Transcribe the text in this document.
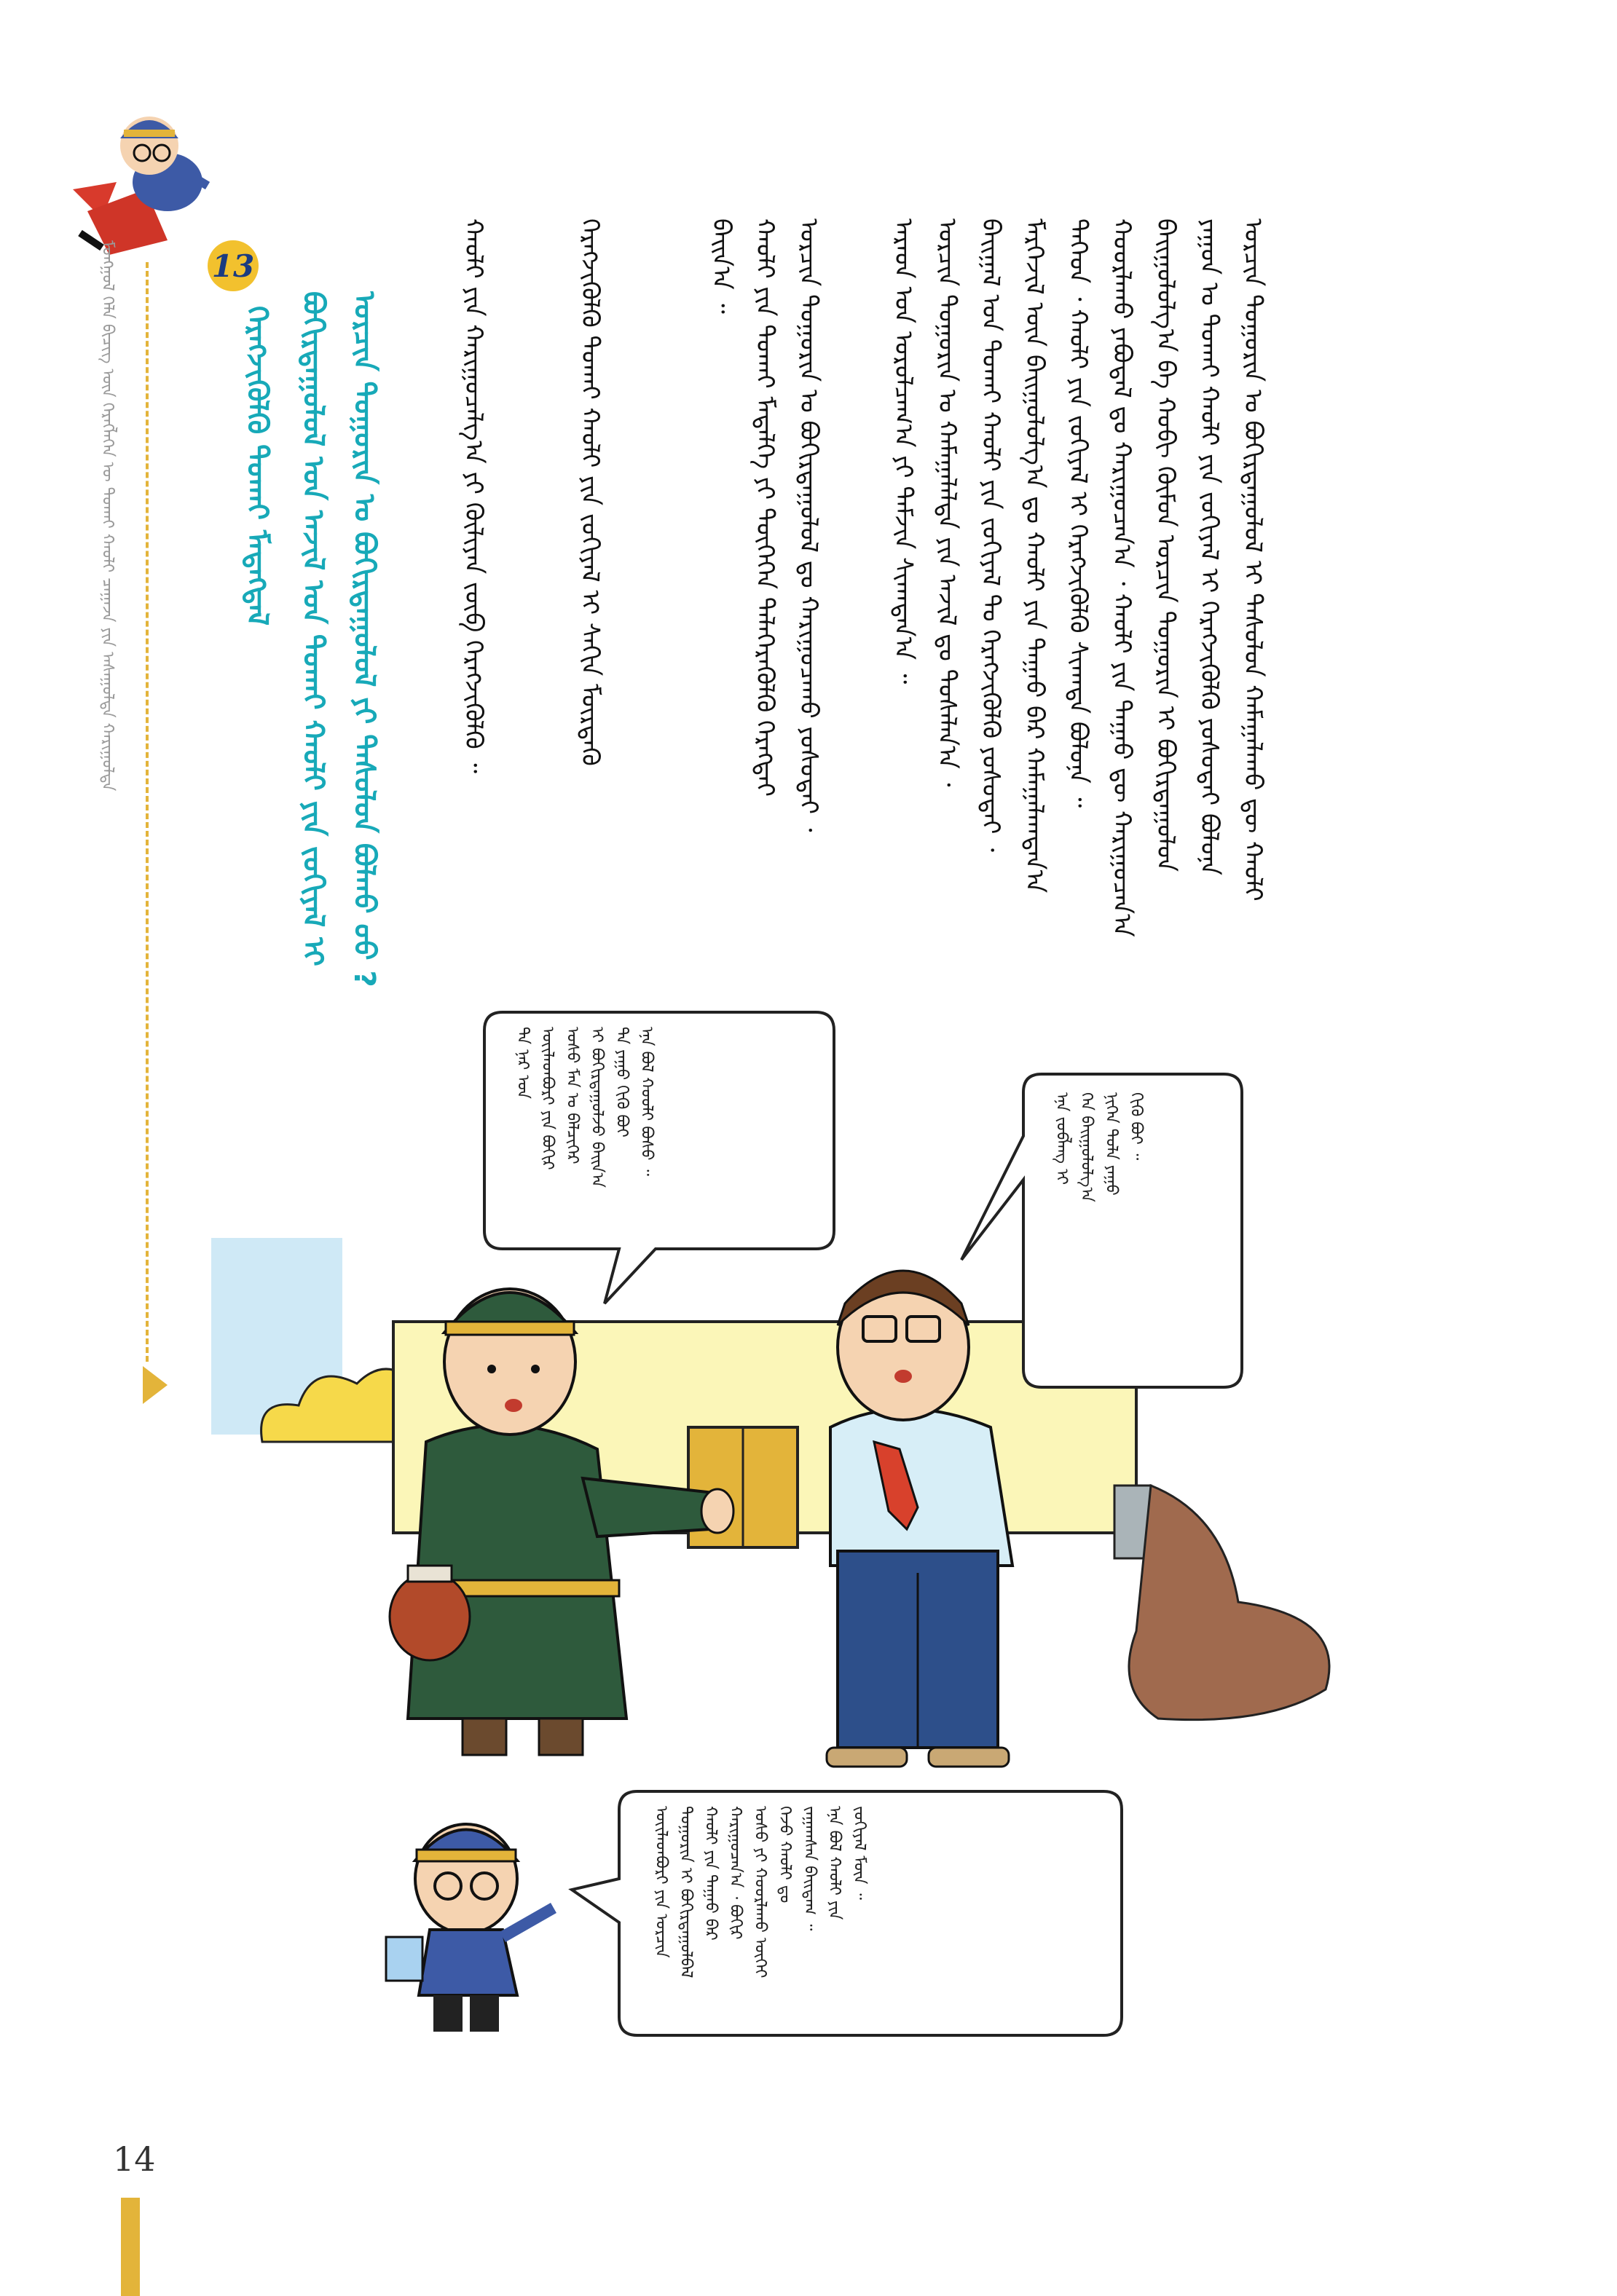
ᠮᠣᠩᠭᠣᠯ ᠬᠡᠯᠡ ᠪᠢᠴᠢᠭ ᠦᠨ ᠬᠡᠷᠡᠭᠯᠡᠭᠡᠨ ᠦ ᠲᠤᠬᠠᠢ ᠬᠠᠤᠯᠢ ᠴᠠᠭᠠᠵᠠ ᠶᠢᠨ ᠠᠰᠠᠭᠤᠯᠲᠠ ᠬᠠᠷᠢᠭᠤᠯᠲᠠ	13
ᠣᠷᠴᠢᠨ ᠲᠣᠭᠣᠷᠢᠨ ᠤ ᠪᠣᠬᠢᠷᠳᠠᠭᠤᠯᠤᠯ ᠶᠢ ᠲᠠᠰᠤᠯᠤᠨ ᠪᠣᠯᠬᠤ ᠤᠤ ?
ᠪᠣᠬᠢᠷᠳᠠᠭᠤᠯᠤᠯ ᠤᠨ ᠠᠵᠢᠯ ᠤᠨ ᠲᠤᠬᠠᠢ ᠬᠠᠤᠯᠢ ᠶᠢᠨ ᠵᠣᠬᠢᠶᠠᠯ ᠢ
ᠬᠡᠷᠡᠭᠵᠢᠭᠦᠯᠬᠦ ᠲᠤᠬᠠᠢ ᠮᠡᠳᠡᠭᠳᠡᠯ	ᠣᠷᠴᠢᠨ ᠲᠣᠭᠣᠷᠢᠨ ᠤ ᠪᠣᠬᠢᠷᠳᠠᠭᠤᠯᠤᠯ ᠢ ᠲᠠᠰᠤᠯᠤᠨ ᠬᠠᠮᠠᠭᠠᠯᠠᠬᠤ ᠳᠦ ᠬᠠᠤᠯᠢ
ᠶᠠᠭᠤᠨ ᠤ ᠲᠤᠬᠠᠢ ᠬᠠᠤᠯᠢ ᠶᠢᠨ ᠵᠣᠬᠢᠶᠠᠯ ᠢ ᠬᠡᠷᠡᠭᠵᠢᠭᠦᠯᠬᠦ ᠶᠣᠰᠣᠲᠠᠢ ᠪᠣᠯᠤᠨᠠ
ᠪᠠᠢᠭᠤᠯᠤᠯᠭ᠎ᠠ ᠪᠠ ᠬᠤᠪᠢ ᠬᠦᠮᠦᠨ ᠤᠷᠴᠢᠨ ᠲᠣᠭᠣᠷᠢᠨ ᠢ ᠪᠣᠬᠢᠷᠳᠠᠭᠤᠯᠤᠨ
ᠬᠣᠣᠷᠯᠠᠬᠤ ᠶᠠᠪᠤᠳᠠᠯ ᠳᠤ ᠬᠠᠷᠢᠭᠤᠴᠠᠨ᠎ᠠ ᠂ ᠬᠠᠤᠯᠢ ᠶᠢᠨ ᠳᠠᠭᠠᠤ ᠳᠦ ᠬᠠᠷᠢᠭᠤᠴᠠᠨ᠎ᠠ
ᠲᠡᠭᠡᠳ ᠂ ᠬᠠᠤᠯᠢ ᠶᠢᠨ ᠵᠣᠬᠢᠶᠠᠯ ᠢ ᠬᠡᠷᠡᠭᠵᠢᠭᠦᠯᠬᠦ ᠰᠢᠬᠠᠳᠠ ᠪᠣᠯᠤᠨᠠ ᠃
ᠮᠡᠷᠭᠡᠵᠢᠯ ᠦᠨ ᠪᠠᠢᠭᠤᠯᠤᠯᠭ᠎ᠠ ᠳᠤ ᠬᠠᠤᠯᠢ ᠶᠢᠨ ᠳᠠᠭᠠᠤ ᠪᠠᠷ ᠬᠠᠮᠠᠭᠠᠯᠠᠭᠳᠠᠨ᠎ᠠ
ᠪᠠᠢᠭᠠᠯ ᠤᠨ ᠲᠤᠬᠠᠢ ᠬᠠᠤᠯᠢ ᠶᠢᠨ ᠵᠣᠬᠢᠶᠠᠯ ᠲᠤ ᠭᠡᠷᠡᠭᠵᠢᠭᠦᠯᠬᠦ ᠶᠣᠰᠣᠲᠠᠢ ᠂
ᠣᠷᠴᠢᠨ ᠲᠣᠭᠣᠷᠢᠨ ᠤ ᠬᠠᠮᠠᠭᠠᠯᠠᠯᠲᠠ ᠶᠢᠨ ᠠᠵᠢᠯ ᠳᠤ ᠲᠤᠰᠠᠯᠠᠨ᠎ᠠ ᠂
ᠠᠷᠠᠳ ᠤᠨ ᠣᠷᠤᠯᠴᠠᠭ᠎ᠠ ᠶᠢ ᠳᠡᠮᠵᠢᠨ ᠰᠢᠬᠠᠳᠠᠨ᠎ᠠ ᠃
ᠣᠷᠴᠢᠨ ᠲᠣᠭᠣᠷᠢᠨ ᠤ ᠪᠣᠬᠢᠷᠳᠠᠭᠤᠯᠤᠯ ᠳᠤ ᠬᠠᠷᠢᠭᠤᠴᠠᠬᠤ ᠶᠣᠰᠣᠲᠠᠢ ᠂
ᠬᠠᠤᠯᠢ ᠶᠢᠨ ᠲᠤᠬᠠᠢ ᠮᠡᠳᠡᠯᠭᠡ ᠶᠢ ᠲᠦᠭᠡᠭᠡᠨ ᠳᠡᠯᠡᠭᠡᠷᠡᠭᠦᠯᠬᠦ ᠬᠡᠷᠡᠭᠲᠡᠢ
ᠪᠠᠢᠨ᠎ᠠ ᠃
ᠬᠡᠷᠡᠭᠵᠢᠭᠦᠯᠬᠦ ᠲᠤᠬᠠᠢ ᠬᠠᠤᠯᠢ ᠶᠢᠨ ᠵᠣᠬᠢᠶᠠᠯ ᠢ ᠰᠠᠬᠢᠨ ᠮᠦᠷᠳᠡᠬᠦ
ᠬᠠᠤᠯᠢ ᠶᠢᠨ ᠬᠠᠷᠢᠭᠤᠴᠠᠯᠭ᠎ᠠ ᠶᠢ ᠬᠦᠯᠢᠶᠡᠨ ᠵᠦᠪ ᠬᠡᠷᠡᠭᠵᠢᠭᠦᠯᠬᠦ ᠃
ᠲᠠ ᠨᠠᠷ ᠤᠨ ᠦᠢᠯᠡᠳᠪᠦᠷᠢ ᠶᠢᠨ ᠪᠣᠬᠢᠷ ᠤᠰᠤ ᠮᠠᠨ ᠤ ᠪᠡᠯᠴᠢᠭᠡᠷ ᠢ ᠪᠣᠬᠢᠷᠳᠠᠭᠤᠯᠵᠤ ᠪᠠᠢᠨ᠎ᠠ ᠲᠠ ᠶᠠᠭᠤ ᠬᠢᠬᠦ ᠪᠤᠢ ᠡᠨᠡ ᠪᠣᠯ ᠬᠤᠤᠯᠢ ᠪᠤᠰᠤ ᠃	ᠡᠨᠡ ᠵᠣᠪᠯᠠᠩ ᠢ ᠬᠡᠨ ᠪᠠᠢᠭᠤᠯᠤᠯᠭ᠎ᠠ ᠨᠢᠭᠡᠨ ᠲᠤᠯᠠ ᠶᠠᠭᠤ ᠬᠢᠬᠦ ᠪᠤᠢ ᠃
ᠦᠢᠯᠡᠳᠪᠦᠷᠢ ᠶᠢᠨ ᠣᠷᠴᠢᠨ ᠲᠣᠭᠣᠷᠢᠨ ᠢ ᠪᠣᠬᠢᠷᠳᠠᠭᠤᠯᠪᠠᠯ ᠬᠠᠤᠯᠢ ᠶᠢᠨ ᠳᠠᠭᠠᠤ ᠪᠠᠷ ᠬᠠᠷᠢᠭᠤᠴᠠᠨ᠎ᠠ ᠂ ᠪᠣᠬᠢᠷ ᠤᠰᠤ ᠶᠢ ᠬᠣᠣᠷᠯᠠᠬᠤ ᠦᠭᠡᠢ ᠭᠡᠵᠦ ᠬᠠᠤᠯᠢ ᠳᠤ ᠵᠠᠭᠠᠭᠰᠠᠨ ᠪᠠᠢᠳᠠᠭ ᠃ ᠡᠨᠡ ᠪᠣᠯ ᠬᠠᠤᠯᠢ ᠶᠢᠨ ᠵᠣᠬᠢᠶᠠᠯ ᠮᠥᠨ ᠃
14
